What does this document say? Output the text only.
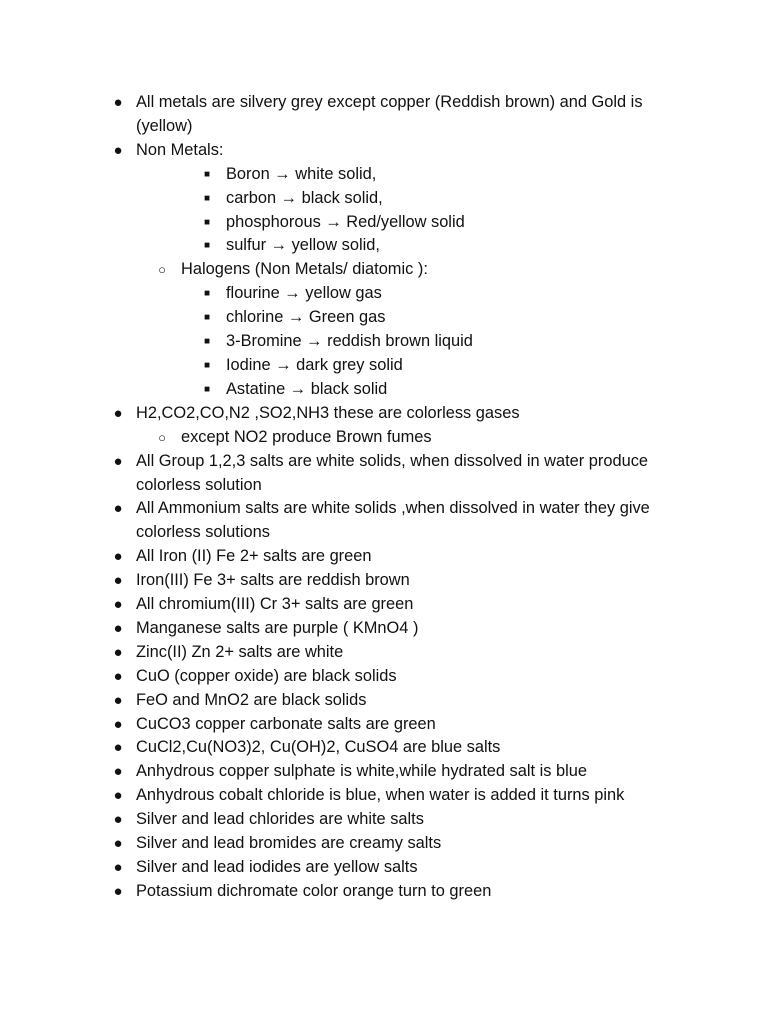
● All metals are silvery grey except copper (Reddish brown) and Gold is (yellow)
● Non Metals:
■ Boron → white solid,
■ carbon → black solid,
■ phosphorous → Red/yellow solid
■ sulfur → yellow solid,
○ Halogens (Non Metals/ diatomic ):
■ flourine → yellow gas
■ chlorine → Green gas
■ 3-Bromine → reddish brown liquid
■ Iodine → dark grey solid
■ Astatine → black solid
● H2,CO2,CO,N2 ,SO2,NH3 these are colorless gases
○ except NO2 produce Brown fumes
● All Group 1,2,3 salts are white solids, when dissolved in water produce colorless solution
● All Ammonium salts are white solids ,when dissolved in water they give colorless solutions
● All Iron (II) Fe 2+ salts are green
● Iron(III) Fe 3+ salts are reddish brown
● All chromium(III) Cr 3+ salts are green
● Manganese salts are purple ( KMnO4 )
● Zinc(II) Zn 2+ salts are white
● CuO (copper oxide) are black solids
● FeO and MnO2 are black solids
● CuCO3 copper carbonate salts are green
● CuCl2,Cu(NO3)2, Cu(OH)2, CuSO4 are blue salts
● Anhydrous copper sulphate is white,while hydrated salt is blue
● Anhydrous cobalt chloride is blue, when water is added it turns pink
● Silver and lead chlorides are white salts
● Silver and lead bromides are creamy salts
● Silver and lead iodides are yellow salts
● Potassium dichromate color orange turn to green
